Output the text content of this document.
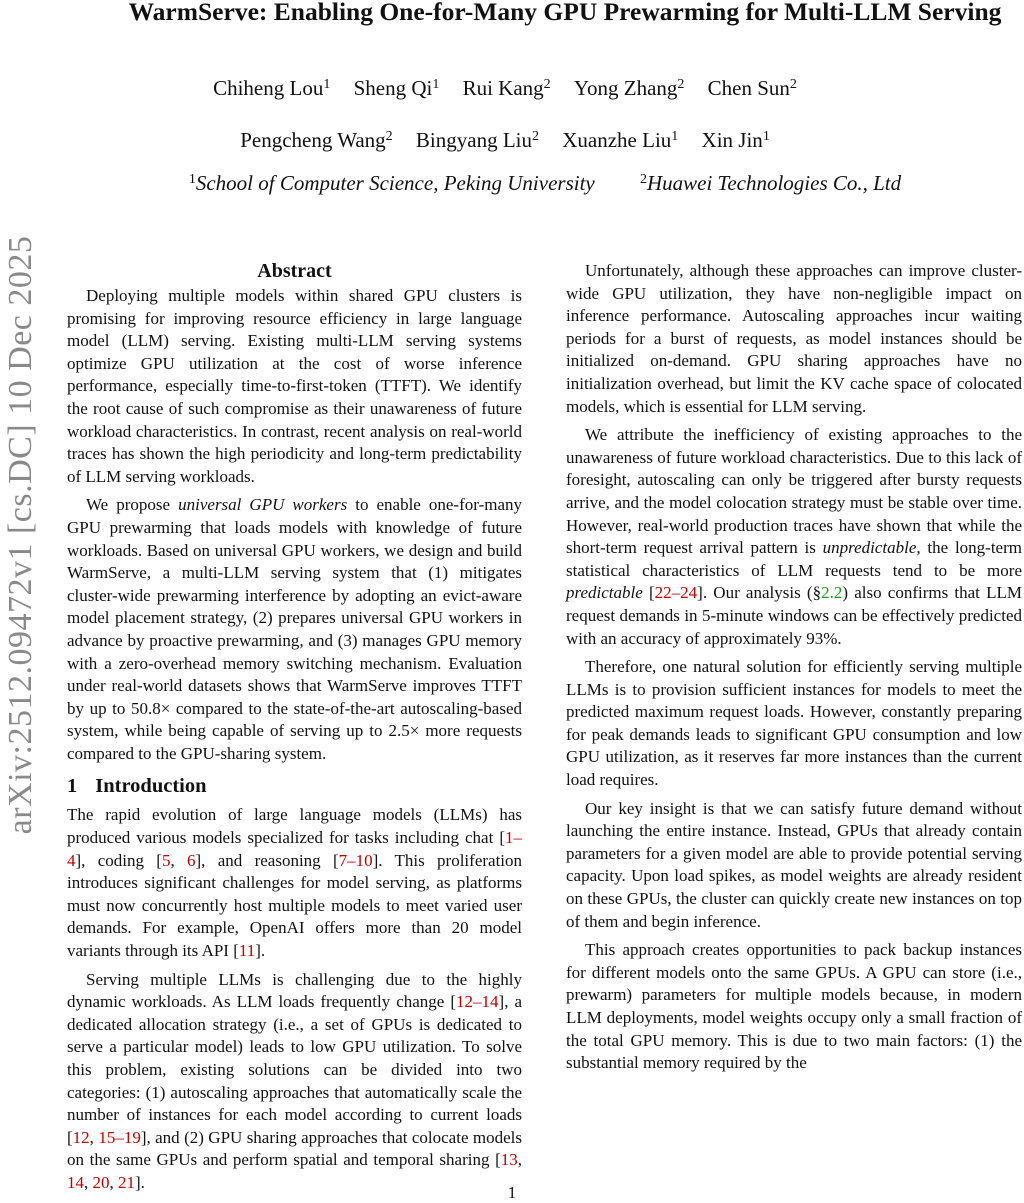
arXiv:2512.09472v1 [cs.DC] 10 Dec 2025
WarmServe: Enabling One-for-Many GPU Prewarming for Multi-LLM Serving
Chiheng Lou$^1$ Sheng Qi$^1$ Rui Kang$^2$ Yong Zhang$^2$ Chen Sun$^2$
Pengcheng Wang$^2$ Bingyang Liu$^2$ Xuanzhe Liu$^1$ Xin Jin$^1$
$^1$School of Computer Science, Peking University	$^2$Huawei Technologies Co., Ltd
Abstract

Deploying multiple models within shared GPU clusters is promising for improving resource efficiency in large language model (LLM) serving. Existing multi-LLM serving systems optimize GPU utilization at the cost of worse inference performance, especially time-to-first-token (TTFT). We identify the root cause of such compromise as their unawareness of future workload characteristics. In contrast, recent analysis on real-world traces has shown the high periodicity and long-term predictability of LLM serving workloads.

We propose universal GPU workers to enable one-for-many GPU prewarming that loads models with knowledge of future workloads. Based on universal GPU workers, we design and build WarmServe, a multi-LLM serving system that (1) mitigates cluster-wide prewarming interference by adopting an evict-aware model placement strategy, (2) prepares universal GPU workers in advance by proactive prewarming, and (3) manages GPU memory with a zero-overhead memory switching mechanism. Evaluation under real-world datasets shows that WarmServe improves TTFT by up to 50.8× compared to the state-of-the-art autoscaling-based system, while being capable of serving up to 2.5× more requests compared to the GPU-sharing system.

1 Introduction

The rapid evolution of large language models (LLMs) has produced various models specialized for tasks including chat [1–4], coding [5, 6], and reasoning [7–10]. This proliferation introduces significant challenges for model serving, as platforms must now concurrently host multiple models to meet varied user demands. For example, OpenAI offers more than 20 model variants through its API [11].

Serving multiple LLMs is challenging due to the highly dynamic workloads. As LLM loads frequently change [12–14], a dedicated allocation strategy (i.e., a set of GPUs is dedicated to serve a particular model) leads to low GPU utilization. To solve this problem, existing solutions can be divided into two categories: (1) autoscaling approaches that automatically scale the number of instances for each model according to current loads [12, 15–19], and (2) GPU sharing approaches that colocate models on the same GPUs and perform spatial and temporal sharing [13, 14, 20, 21].

Unfortunately, although these approaches can improve cluster-wide GPU utilization, they have non-negligible impact on inference performance. Autoscaling approaches incur waiting periods for a burst of requests, as model instances should be initialized on-demand. GPU sharing approaches have no initialization overhead, but limit the KV cache space of colocated models, which is essential for LLM serving.

We attribute the inefficiency of existing approaches to the unawareness of future workload characteristics. Due to this lack of foresight, autoscaling can only be triggered after bursty requests arrive, and the model colocation strategy must be stable over time. However, real-world production traces have shown that while the short-term request arrival pattern is unpredictable, the long-term statistical characteristics of LLM requests tend to be more predictable [22–24]. Our analysis (§2.2) also confirms that LLM request demands in 5-minute windows can be effectively predicted with an accuracy of approximately 93%.

Therefore, one natural solution for efficiently serving multiple LLMs is to provision sufficient instances for models to meet the predicted maximum request loads. However, constantly preparing for peak demands leads to significant GPU consumption and low GPU utilization, as it reserves far more instances than the current load requires.

Our key insight is that we can satisfy future demand without launching the entire instance. Instead, GPUs that already contain parameters for a given model are able to provide potential serving capacity. Upon load spikes, as model weights are already resident on these GPUs, the cluster can quickly create new instances on top of them and begin inference.

This approach creates opportunities to pack backup instances for different models onto the same GPUs. A GPU can store (i.e., prewarm) parameters for multiple models because, in modern LLM deployments, model weights occupy only a small fraction of the total GPU memory. This is due to two main factors: (1) the substantial memory required by the

1
